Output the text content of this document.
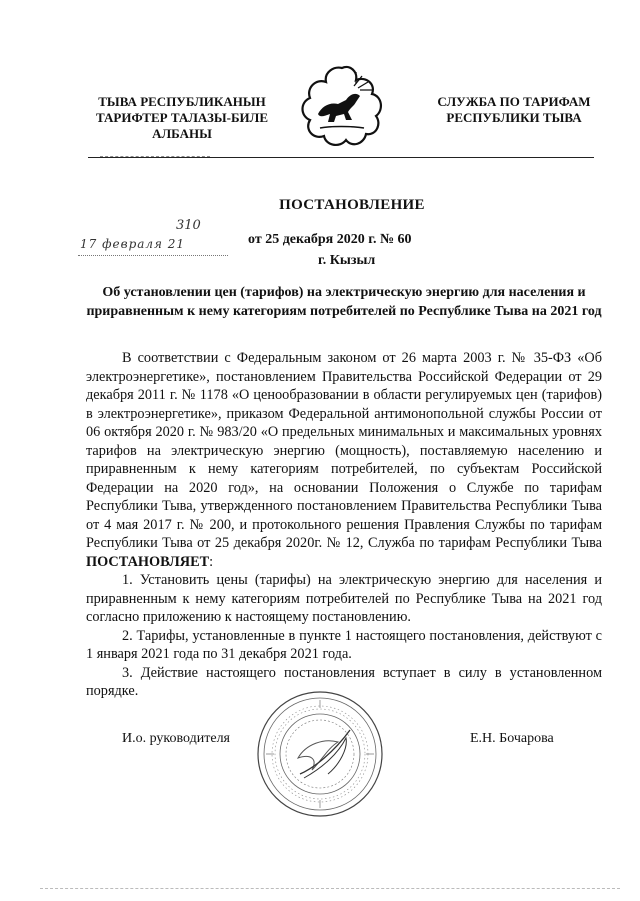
ТЫВА РЕСПУБЛИКАНЫН
ТАРИФТЕР ТАЛАЗЫ-БИЛЕ
АЛБАНЫ
СЛУЖБА ПО ТАРИФАМ
РЕСПУБЛИКИ ТЫВА
ПОСТАНОВЛЕНИЕ
310
17 февраля 21	от 25 декабря 2020 г. № 60
г. Кызыл
Об установлении цен (тарифов) на электрическую энергию для населения и приравненным к нему категориям потребителей по Республике Тыва на 2021 год

В соответствии с Федеральным законом от 26 марта 2003 г. № 35-ФЗ «Об электроэнергетике», постановлением Правительства Российской Федерации от 29 декабря 2011 г. № 1178 «О ценообразовании в области регулируемых цен (тарифов) в электроэнергетике», приказом Федеральной антимонопольной службы России от 06 октября 2020 г. № 983/20 «О предельных минимальных и максимальных уровнях тарифов на электрическую энергию (мощность), поставляемую населению и приравненным к нему категориям потребителей, по субъектам Российской Федерации на 2020 год», на основании Положения о Службе по тарифам Республики Тыва, утвержденного постановлением Правительства Республики Тыва от 4 мая 2017 г. № 200, и протокольного решения Правления Службы по тарифам Республики Тыва от 25 декабря 2020г. № 12, Служба по тарифам Республики Тыва ПОСТАНОВЛЯЕТ:

1. Установить цены (тарифы) на электрическую энергию для населения и приравненным к нему категориям потребителей по Республике Тыва на 2021 год согласно приложению к настоящему постановлению.

2. Тарифы, установленные в пункте 1 настоящего постановления, действуют с 1 января 2021 года по 31 декабря 2021 года.

3. Действие настоящего постановления вступает в силу в установленном порядке.

И.о. руководителя	Е.Н. Бочарова
